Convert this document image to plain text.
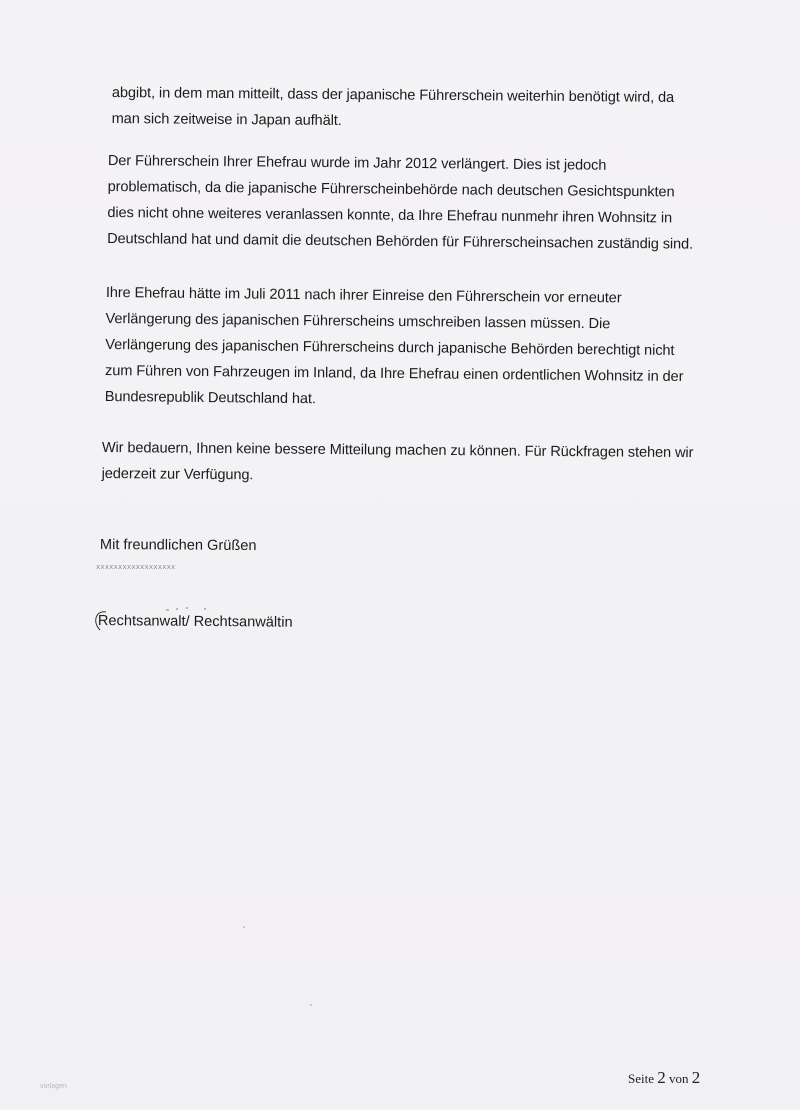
abgibt, in dem man mitteilt, dass der japanische Führerschein weiterhin benötigt wird, da
man sich zeitweise in Japan aufhält.
Der Führerschein Ihrer Ehefrau wurde im Jahr 2012 verlängert. Dies ist jedoch
problematisch, da die japanische Führerscheinbehörde nach deutschen Gesichtspunkten
dies nicht ohne weiteres veranlassen konnte, da Ihre Ehefrau nunmehr ihren Wohnsitz in
Deutschland hat und damit die deutschen Behörden für Führerscheinsachen zuständig sind.
Ihre Ehefrau hätte im Juli 2011 nach ihrer Einreise den Führerschein vor erneuter
Verlängerung des japanischen Führerscheins umschreiben lassen müssen. Die
Verlängerung des japanischen Führerscheins durch japanische Behörden berechtigt nicht
zum Führen von Fahrzeugen im Inland, da Ihre Ehefrau einen ordentlichen Wohnsitz in der
Bundesrepublik Deutschland hat.
Wir bedauern, Ihnen keine bessere Mitteilung machen zu können. Für Rückfragen stehen wir
jederzeit zur Verfügung.
Mit freundlichen Grüßen
xxxxxxxxxxxxxxxxxx
Rechtsanwalt/ Rechtsanwältin
vorlagen
Seite 2 von 2
